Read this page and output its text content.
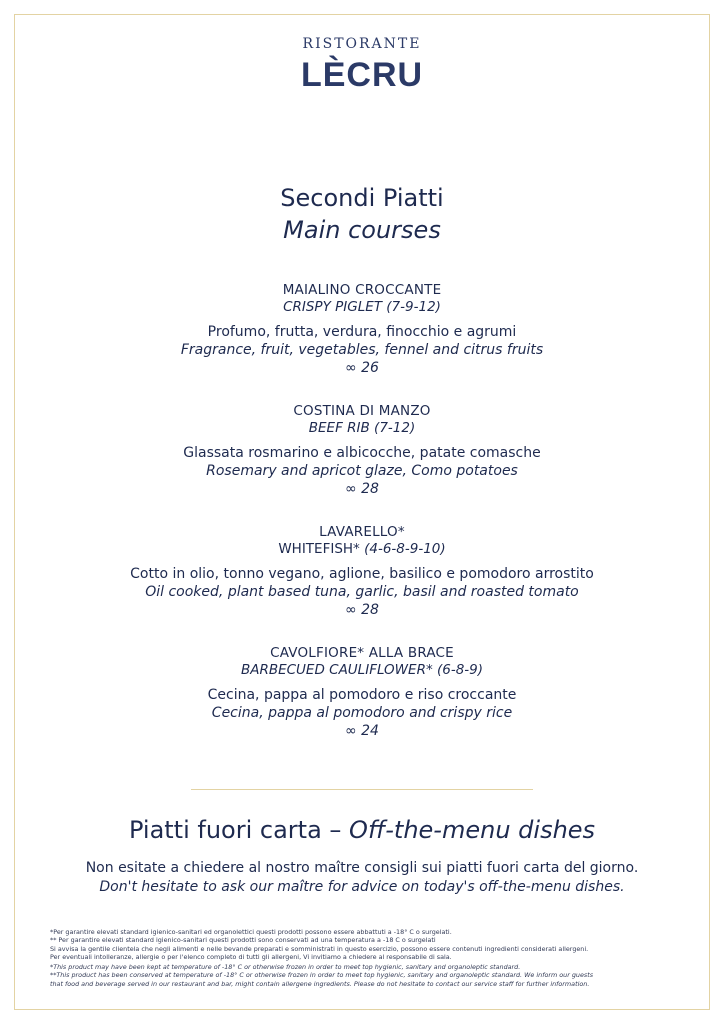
RISTORANTE
LÈCRU
Secondi Piatti
Main courses
MAIALINO CROCCANTE
CRISPY PIGLET (7-9-12)
Profumo, frutta, verdura, finocchio e agrumi
Fragrance, fruit, vegetables, fennel and citrus fruits
∞ 26
COSTINA DI MANZO
BEEF RIB (7-12)
Glassata rosmarino e albicocche, patate comasche
Rosemary and apricot glaze, Como potatoes
∞ 28
LAVARELLO*
WHITEFISH* (4-6-8-9-10)
Cotto in olio, tonno vegano, aglione, basilico e pomodoro arrostito
Oil cooked, plant based tuna, garlic, basil and roasted tomato
∞ 28
CAVOLFIORE* ALLA BRACE
BARBECUED CAULIFLOWER* (6-8-9)
Cecina, pappa al pomodoro e riso croccante
Cecina, pappa al pomodoro and crispy rice
∞ 24
Piatti fuori carta – Off-the-menu dishes
Non esitate a chiedere al nostro maître consigli sui piatti fuori carta del giorno.
Don't hesitate to ask our maître for advice on today's off-the-menu dishes.
*Per garantire elevati standard igienico-sanitari ed organolettici questi prodotti possono essere abbattuti a -18° C o surgelati.
** Per garantire elevati standard igienico-sanitari questi prodotti sono conservati ad una temperatura a -18 C o surgelati
Si avvisa la gentile clientela che negli alimenti e nelle bevande preparati e somministrati in questo esercizio, possono essere contenuti ingredienti considerati allergeni.
Per eventuali intolleranze, allergie o per l'elenco completo di tutti gli allergeni, Vi invitiamo a chiedere al responsabile di sala.
*This product may have been kept at temperature of -18° C or otherwise frozen in order to meet top hygienic, sanitary and organoleptic standard.
**This product has been conserved at temperature of -18° C or otherwise frozen in order to meet top hygienic, sanitary and organoleptic standard. We inform our guests
that food and beverage served in our restaurant and bar, might contain allergene ingredients. Please do not hesitate to contact our service staff for further information.
